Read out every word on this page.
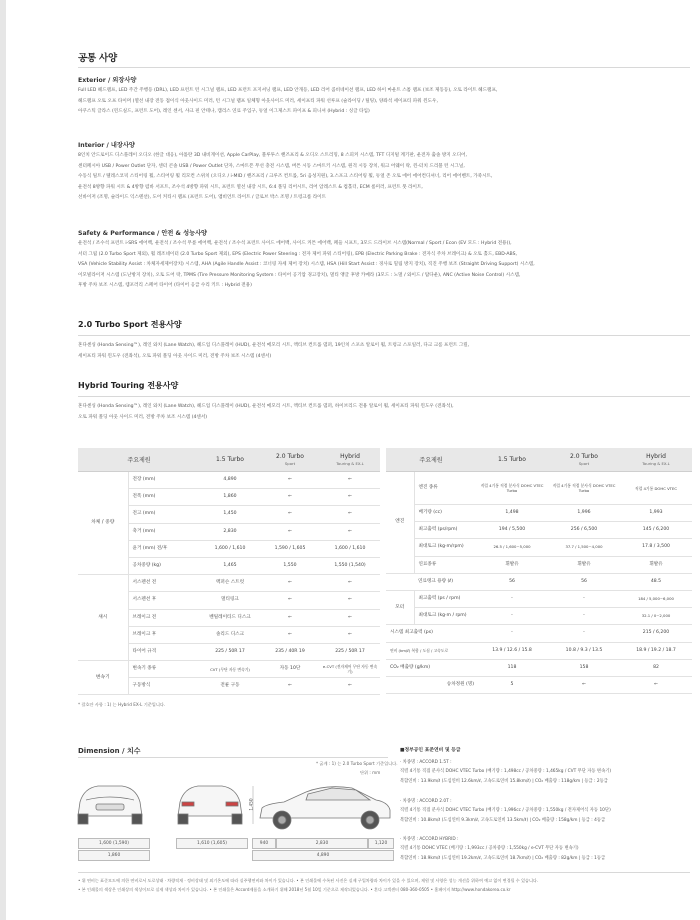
공통 사양
Exterior / 외장사양
Full LED 헤드램프, LED 주간 주행등 (DRL), LED 프런트 턴 시그널 램프, LED 프런트 포지셔닝 램프, LED 안개등, LED 리어 콤비네이션 램프, LED 하이 마운트 스톱 램프 (보조 제동등), 오토 라이트 헤드램프,
헤드램프 오토 오프 타이머 (열선 내장 전동 접이식 아웃사이드 미러, 턴 시그널 램프 일체형 아웃사이드 미러, 세이프티 파워 선루프 (슬라이딩 / 틸팅), 양좌석 세이프티 파워 윈도우,
아쿠스틱 글라스 (윈드실드, 프런트 도어), 레인 센서, 샤크 핀 안테나, 캡리스 연료 주입구, 듀얼 이그제스트 파이프 & 피니셔 (Hybrid : 싱글 타입)
Interior / 내장사양
8인치 안드로이드 디스플레이 오디오 (한글 대응), 아틀란 3D 내비게이션, Apple CarPlay, 블루투스 핸즈프리 & 오디오 스트리밍, 8 스피커 시스템, TFT 디지털 계기판, 운전자 출솔 방지 오디어,
센터페시아 USB / Power Outlet 단자, 센터 콘솔 USB / Power Outlet 단자, 스마트폰 무선 충전 시스템, 버튼 시동 스마트키 시스템, 원격 시동 장치, 워크 어웨이 락, 윈-터치 드리블 턴 시그널,
수동식 틸트 / 텔레스코픽 스티어링 휠, 스티어링 휠 리모컨 스위치 (오디오 / i-MID / 핸즈프리 / 크루즈 컨트롤, 5ri 음성지원), 3.스포크 스티어링 휠, 듀얼 존 오토 에어 에어컨디셔너, 리어 에어벤트, 가죽시트,
운전석 8방향 파워 시트 & 4방향 럼바 서포트, 조수석 4방향 파워 시트, 프런트 열선 내장 시트, 6:4 폴딩 리어시트, 리어 암레스트 & 컵홀더, ECM 룸미러, 프런트 풋 라이트,
선바이저 (조명, 슬라이드 익스텐션), 도어 커티시 램프 (프런트 도어), 앰비언트 라이트 / 글로브 박스 조명 / 트렁크룸 라이트
Safety & Performance / 안전 & 성능사양
운전석 / 조수석 프런트 i-SRS 에어백, 운전석 / 조수석 무릎 에어백, 운전석 / 조수석 프런트 사이드 에어백, 사이드 커튼 에어백, 페들 시프트, 3모드 드라이브 시스템(Normal / Sport / Econ (EV 모드 : Hybrid 전용)),
서터 그립 (2.0 Turbo Sport 제외), 휠 레조네이터 (2.0 Turbo Sport 제외), EPS (Electric Power Steering : 전자 제어 파워 스티어링), EPB (Electric Parking Brake : 전자식 주차 브레이크) & 오토 홀드, EBD-ABS,
VSA (Vehicle Stability Assist : 차체자세제어장치) 시스템, AHA (Agile Handle Assist : 코너링 자세 제어 장치) 시스템, HSA (Hill Start Assist : 경사로 밀림 방지 장치), 직진 주행 보조 (Straight Driving Support) 시스템,
이모빌라이저 시스템 (도난방지 장치), 오토 도어 락, TPMS (Tire Pressure Monitoring System : 타이어 공기압 경고장치), 멀티 앵글 후방 카메라 (3모드 : 노멀 / 와이드 / 탑다운), ANC (Active Noise Control) 시스템,
후방 주차 보조 시스템, 템포러리 스페어 타이어 (타이어 응급 수리 키트 : Hybrid 전용)
2.0 Turbo Sport 전용사양
혼다센싱 (Honda Sensing™), 레인 와치 (Lane Watch), 헤드업 디스플레이 (HUD), 운전석 메모리 시트, 액티브 컨트롤 댐퍼, 19인치 스포츠 알로이 휠, 트렁크 스포일러, 다크 크롬 프런트 그릴,
세이프티 파워 윈도우 (전좌석), 오토 파워 폴딩 아웃 사이드 미러, 전방 주차 보조 시스템 (4센서)
Hybrid Touring 전용사양
혼다센싱 (Honda Sensing™), 레인 와치 (Lane Watch), 헤드업 디스플레이 (HUD), 운전석 메모리 시트, 액티브 컨트롤 댐퍼, 하이브리드 전용 알로이 휠, 세이프티 파워 윈도우 (전좌석),
오토 파워 폴딩 아웃 사이드 미러, 전방 주차 보조 시스템 (4센서)
주요제원		1.5 Turbo	2.0 Turbo
Sport	Hybrid
Touring & EX-L

차체 / 중량	전장 (mm)	4,890	←	←
	전폭 (mm)	1,860	←	←
	전고 (mm)	1,450	←	←
	축거 (mm)	2,830	←	←
	윤거 (mm) 전/후	1,600 / 1,610	1,590 / 1,605	1,600 / 1,610
	공차중량 (kg)	1,465	1,550	1,550 (1,540)
섀시	서스펜션 전	맥퍼슨 스트럿	←	←
	서스펜션 후	멀티링크	←	←
	브레이크 전	벤틸레이티드 디스크	←	←
	브레이크 후	솔리드 디스크	←	←
	타이어 규격	225 / 50R 17	235 / 40R 19	225 / 50R 17
변속기	변속기 종류	CVT (무단 자동 변속기)	자동 10단	e-CVT (전자제어 무단 자동 변속기)
	구동방식	전륜 구동	←	←
주요제원		1.5 Turbo	2.0 Turbo
Sport	Hybrid
Touring & EX-L

엔진	엔진 종류	직렬 4기통 직접 분사식 DOHC VTEC Turbo	직렬 4기통 직접 분사식 DOHC VTEC Turbo	직렬 4기통 DOHC VTEC
	배기량 (cc)	1,498	1,996	1,993
	최고출력 (ps/rpm)	194 / 5,500	256 / 6,500	145 / 6,200
	최대토크 (kg·m/rpm)	26.5 / 1,600~5,000	37.7 / 1,500~4,000	17.8 / 3,500
	연료종류	휘발유	휘발유	휘발유
	연료탱크 용량 (ℓ)	56	56	48.5
모터	최고출력 (ps / rpm)	-	-	184 / 5,000~6,000
	최대토크 (kg·m / rpm)	-	-	32.1 / 0~2,000
시스템 최고출력 (ps)		-	-	215 / 6,200
연비 (km/ℓ) 복합 / 도심 / 고속도로		13.9 / 12.6 / 15.8	10.8 / 9.3 / 13.5	18.9 / 19.2 / 18.7
CO₂ 배출량 (g/km)		118	158	82
승차정원 (명)		5	←	←
* 괄호안 사항 : 1) 는 Hybrid EX-L 기준입니다.
Dimension / 치수
* 굵게 : 1) 는 2.0 Turbo Sport 기준입니다.
단위 : mm
1,450
1,600 (1,590)
1,860
1,610 (1,605)	940	2,830	1,120
4,890
■정부공인 표준연비 및 등급
· 차종명 : ACCORD 1.5T :
직렬 4기통 직접 분사식 DOHC VTEC Turbo (배기량 : 1,498cc / 공차중량 : 1,465kg / CVT 무단 자동 변속기)
복합연비 : 13.9km/ℓ (도심연비 12.6km/ℓ, 고속도로연비 15.8km/ℓ) | CO₂ 배출량 : 118g/km | 등급 : 2등급
· 차종명 : ACCORD 2.0T :
직렬 4기통 직접 분사식 DOHC VTEC Turbo (배기량 : 1,996cc / 공차중량 : 1,550kg / 전자제어식 자동 10단)
복합연비 : 10.8km/ℓ (도심연비 9.3km/ℓ, 고속도로연비 13.5km/ℓ) | CO₂ 배출량 : 158g/km | 등급 : 4등급
· 차종명 : ACCORD HYBRID :
직렬 4기통 DOHC VTEC (배기량 : 1,993cc / 공차중량 : 1,550kg / e-CVT 무단 자동 변속기)
복합연비 : 18.9km/ℓ (도심연비 19.2km/ℓ, 고속도로연비 18.7km/ℓ) | CO₂ 배출량 : 82g/km | 등급 : 1등급
• 위 연비는 표준모드에 의한 연비로서 도로상태 · 차량적재 · 정비상태 및 외기온도에 따라 실주행연비와 차이가 있습니다. • 본 인쇄물에 수록된 사진은 실제 구입차량과 차이가 있을 수 있으며, 제원 및 사양은 성능 개선을 위하여 예고 없이 변경될 수 있습니다.
• 본 인쇄물의 색상은 인쇄상의 색상이므로 실제 색상과 차이가 있습니다. • 본 인쇄물은 Accord제품을 소개하기 위해 2018년 5월 10일 기준으로 제작되었습니다. • 혼다 고객센터 080-360-0505 • 홈페이지 http://www.hondakorea.co.kr
